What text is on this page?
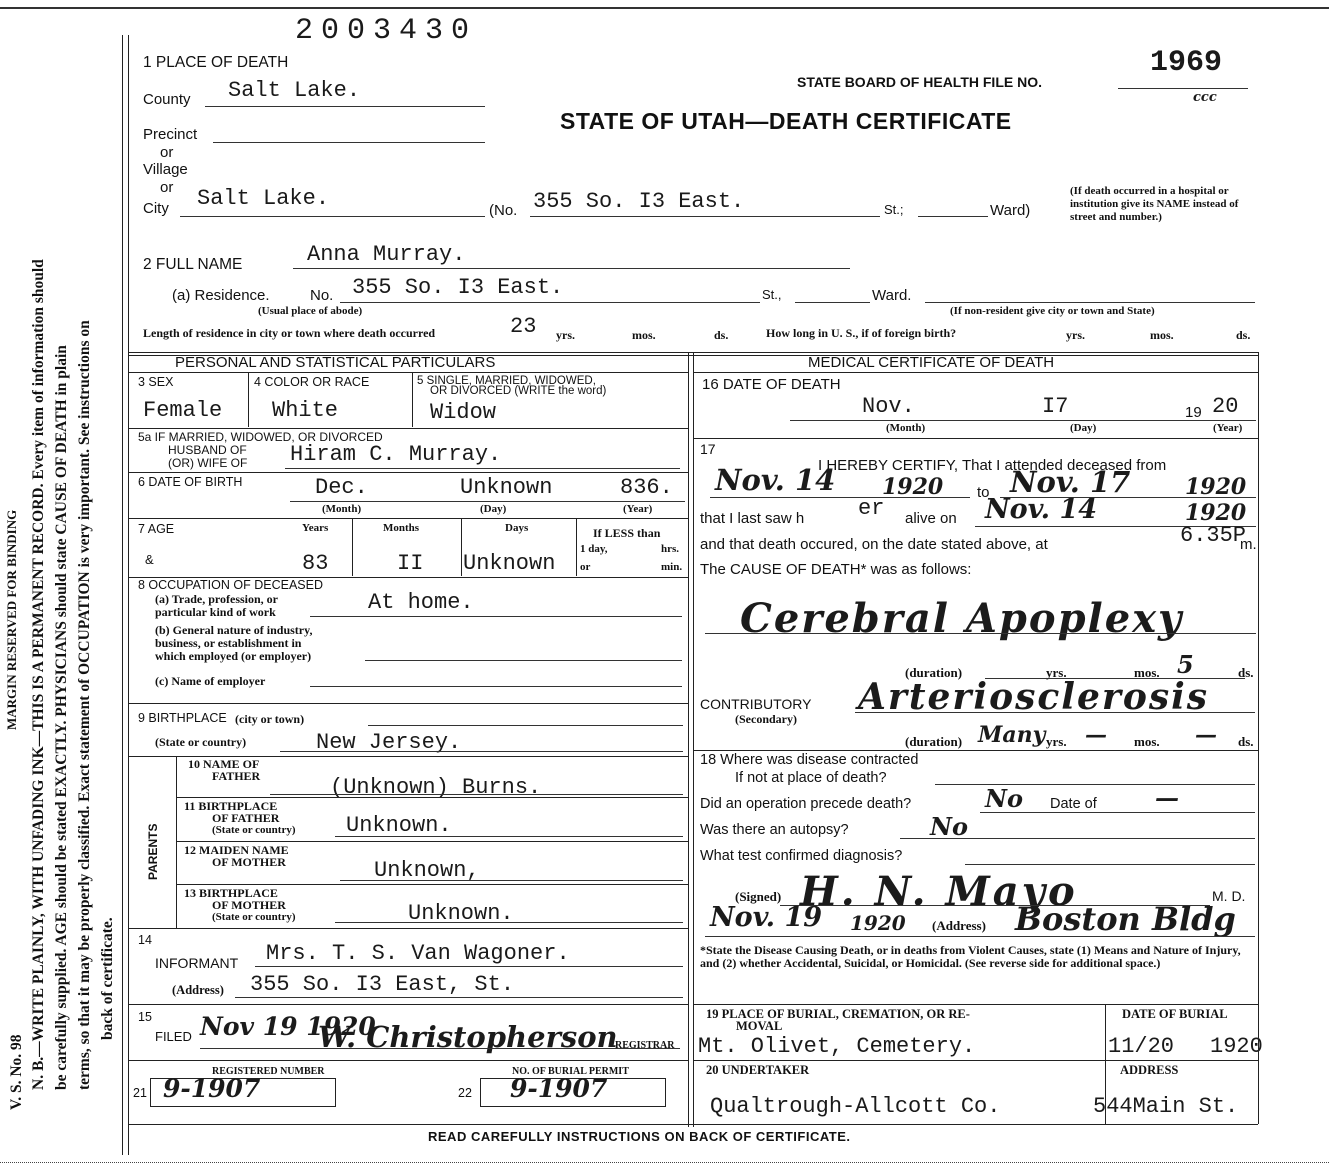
N. B.—WRITE PLAINLY, WITH UNFADING INK—THIS IS A PERMANENT RECORD. Every item of information should be carefully supplied. AGE should be stated EXACTLY. PHYSICIANS should state CAUSE OF DEATH in plain terms, so that it may be properly classified. Exact statement of OCCUPATION is very important. See instructions on back of certificate.
V. S. No. 98
MARGIN RESERVED FOR BINDING
2003430
1 PLACE OF DEATH
STATE BOARD OF HEALTH FILE NO.
1969
ccc
STATE OF UTAH—DEATH CERTIFICATE
County Salt Lake.
Precinct
or
Village
or
City Salt Lake.	(No. 355 So. I3 East.	St.;	Ward)
(If death occurred in a hospital or institution give its NAME instead of street and number.)
2 FULL NAME	Anna Murray.
(a) Residence.	No. 355 So. I3 East.	St.,	Ward.
(Usual place of abode)	(If non-resident give city or town and State)
Length of residence in city or town where death occurred	23 yrs.	mos.	ds.	How long in U. S., if of foreign birth?	yrs.	mos.	ds.
PERSONAL AND STATISTICAL PARTICULARS
3 SEX	4 COLOR OR RACE	5 SINGLE, MARRIED, WIDOWED,
OR DIVORCED (WRITE the word)
Female White	Widow
5a IF MARRIED, WIDOWED, OR DIVORCED
HUSBAND OF
(OR) WIFE OF Hiram C. Murray.
6 DATE OF BIRTH	Dec.	Unknown	836.
(Month)	(Day)	(Year)
7 AGE
&
Years	Months	Days	If LESS than
1 day,	hrs.
or	min.
83	II Unknown
8 OCCUPATION OF DECEASED
(a) Trade, profession, or
particular kind of work	At home.
(b) General nature of industry,
business, or establishment in
which employed (or employer)
(c) Name of employer
9 BIRTHPLACE (city or town)
(State or country)	New Jersey.
PARENTS
10 NAME OF
FATHER	(Unknown) Burns.
11 BIRTHPLACE
OF FATHER
(State or country) Unknown.
12 MAIDEN NAME
OF MOTHER	Unknown,
13 BIRTHPLACE
OF MOTHER
(State or country)	Unknown.
14
INFORMANT Mrs. T. S. Van Wagoner.
(Address) 355 So. I3 East, St.
15
FILED Nov 19 1920
W. Christopherson
REGISTRAR
REGISTERED NUMBER	NO. OF BURIAL PERMIT
21 9-1907	22 9-1907
MEDICAL CERTIFICATE OF DEATH
16 DATE OF DEATH
Nov.	I7	19 20
(Month)	(Day)	(Year)
17
I HEREBY CERTIFY, That I attended deceased from
Nov. 14 1920 to Nov. 17 1920
that I last saw h er alive on Nov. 14	1920
and that death occured, on the date stated above, at	6.35P
m.
The CAUSE OF DEATH* was as follows:
Cerebral Apoplexy
(duration)	yrs.	mos. 5	ds.
CONTRIBUTORY
(Secondary)
Arteriosclerosis
(duration) Many yrs. — mos. — ds.
18 Where was disease contracted
If not at place of death?
Did an operation precede death?	No Date of —
Was there an autopsy?	No
What test confirmed diagnosis?
(Signed) H. N. Mayo	M. D.
Nov. 19 1920 (Address) Boston Bldg
*State the Disease Causing Death, or in deaths from Violent Causes, state (1) Means and Nature of Injury, and (2) whether Accidental, Suicidal, or Homicidal. (See reverse side for additional space.)
19 PLACE OF BURIAL, CREMATION, OR RE-
MOVAL
DATE OF BURIAL
Mt. Olivet, Cemetery.	11/20 1920
20 UNDERTAKER	ADDRESS
Qualtrough-Allcott Co.	544Main St.
READ CAREFULLY INSTRUCTIONS ON BACK OF CERTIFICATE.
